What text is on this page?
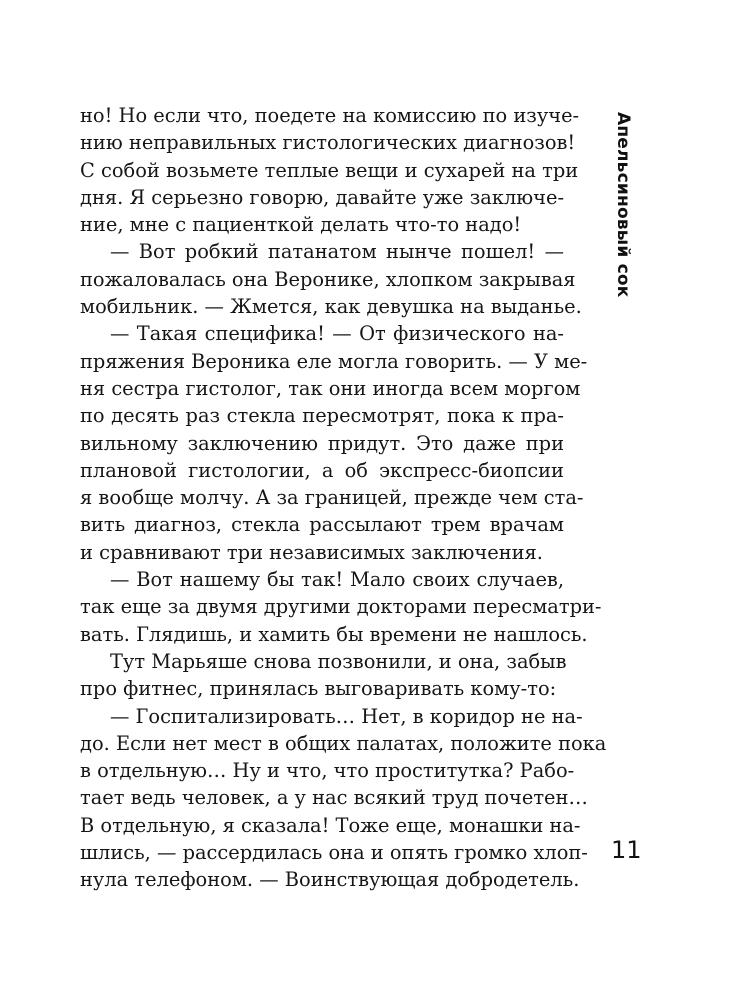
но! Но если что, поедете на комиссию по изуче-
нию неправильных гистологических диагнозов!
С собой возьмете теплые вещи и сухарей на три
дня. Я серьезно говорю, давайте уже заключе-
ние, мне с пациенткой делать что-то надо!
— Вот робкий патанатом нынче пошел! —
пожаловалась она Веронике, хлопком закрывая
мобильник. — Жмется, как девушка на выданье.
— Такая специфика! — От физического на-
пряжения Вероника еле могла говорить. — У ме-
ня сестра гистолог, так они иногда всем моргом
по десять раз стекла пересмотрят, пока к пра-
вильному заключению придут. Это даже при
плановой гистологии, а об экспресс-биопсии
я вообще молчу. А за границей, прежде чем ста-
вить диагноз, стекла рассылают трем врачам
и сравнивают три независимых заключения.
— Вот нашему бы так! Мало своих случаев,
так еще за двумя другими докторами пересматри-
вать. Глядишь, и хамить бы времени не нашлось.
Тут Марьяше снова позвонили, и она, забыв
про фитнес, принялась выговаривать кому-то:
— Госпитализировать… Нет, в коридор не на-
до. Если нет мест в общих палатах, положите пока
в отдельную… Ну и что, что проститутка? Рабо-
тает ведь человек, а у нас всякий труд почетен…
В отдельную, я сказала! Тоже еще, монашки на-
шлись, — рассердилась она и опять громко хлоп-
нула телефоном. — Воинствующая добродетель.
Апельсиновый сок
11
